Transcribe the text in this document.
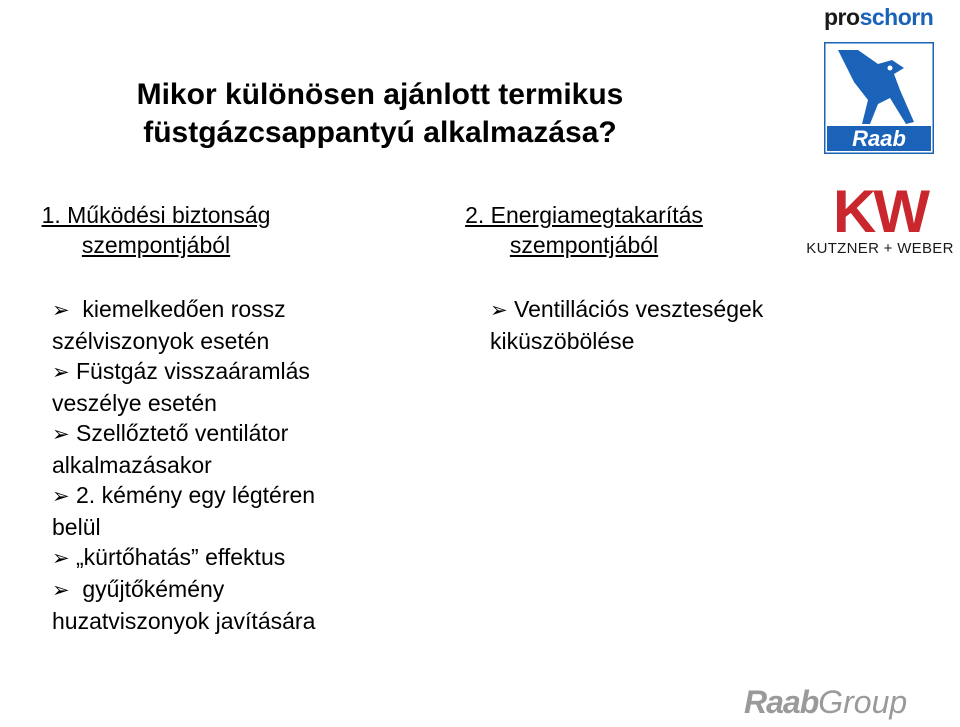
Mikor különösen ajánlott termikus
füstgázcsappantyú alkalmazása?
1. Működési biztonság
szempontjából
2. Energiamegtakarítás
szempontjából
➢ kiemelkedően rossz
szélviszonyok esetén
➢ Füstgáz visszaáramlás
veszélye esetén
➢ Szellőztető ventilátor
alkalmazásakor
➢ 2. kémény egy légtéren
belül
➢ „kürtőhatás” effektus
➢ gyűjtőkémény
huzatviszonyok javítására
➢ Ventillációs veszteségek
kiküszöbölése
proschorn
Raab
KW
KUTZNER + WEBER
RaabGroup
